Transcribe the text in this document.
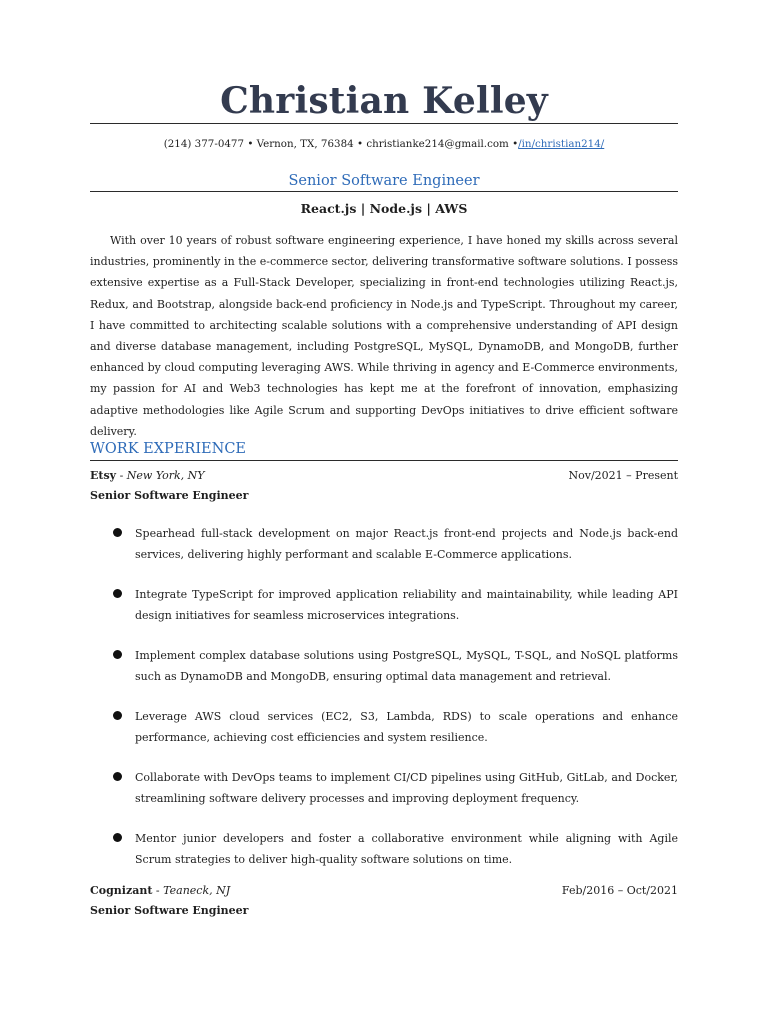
Christian Kelley
(214) 377-0477 • Vernon, TX, 76384 • christianke214@gmail.com •/in/christian214/
Senior Software Engineer
React.js | Node.js | AWS

With over 10 years of robust software engineering experience, I have honed my skills across several industries, prominently in the e-commerce sector, delivering transformative software solutions. I possess extensive expertise as a Full-Stack Developer, specializing in front-end technologies utilizing React.js, Redux, and Bootstrap, alongside back-end proficiency in Node.js and TypeScript. Throughout my career, I have committed to architecting scalable solutions with a comprehensive understanding of API design and diverse database management, including PostgreSQL, MySQL, DynamoDB, and MongoDB, further enhanced by cloud computing leveraging AWS. While thriving in agency and E-Commerce environments, my passion for AI and Web3 technologies has kept me at the forefront of innovation, emphasizing adaptive methodologies like Agile Scrum and supporting DevOps initiatives to drive efficient software delivery.

WORK EXPERIENCE
Etsy - New York, NY	Nov/2021 – Present
Senior Software Engineer
Spearhead full-stack development on major React.js front-end projects and Node.js back-end services, delivering highly performant and scalable E-Commerce applications.
Integrate TypeScript for improved application reliability and maintainability, while leading API design initiatives for seamless microservices integrations.
Implement complex database solutions using PostgreSQL, MySQL, T-SQL, and NoSQL platforms such as DynamoDB and MongoDB, ensuring optimal data management and retrieval.
Leverage AWS cloud services (EC2, S3, Lambda, RDS) to scale operations and enhance performance, achieving cost efficiencies and system resilience.
Collaborate with DevOps teams to implement CI/CD pipelines using GitHub, GitLab, and Docker, streamlining software delivery processes and improving deployment frequency.
Mentor junior developers and foster a collaborative environment while aligning with Agile Scrum strategies to deliver high-quality software solutions on time.
Cognizant - Teaneck, NJ	Feb/2016 – Oct/2021
Senior Software Engineer
